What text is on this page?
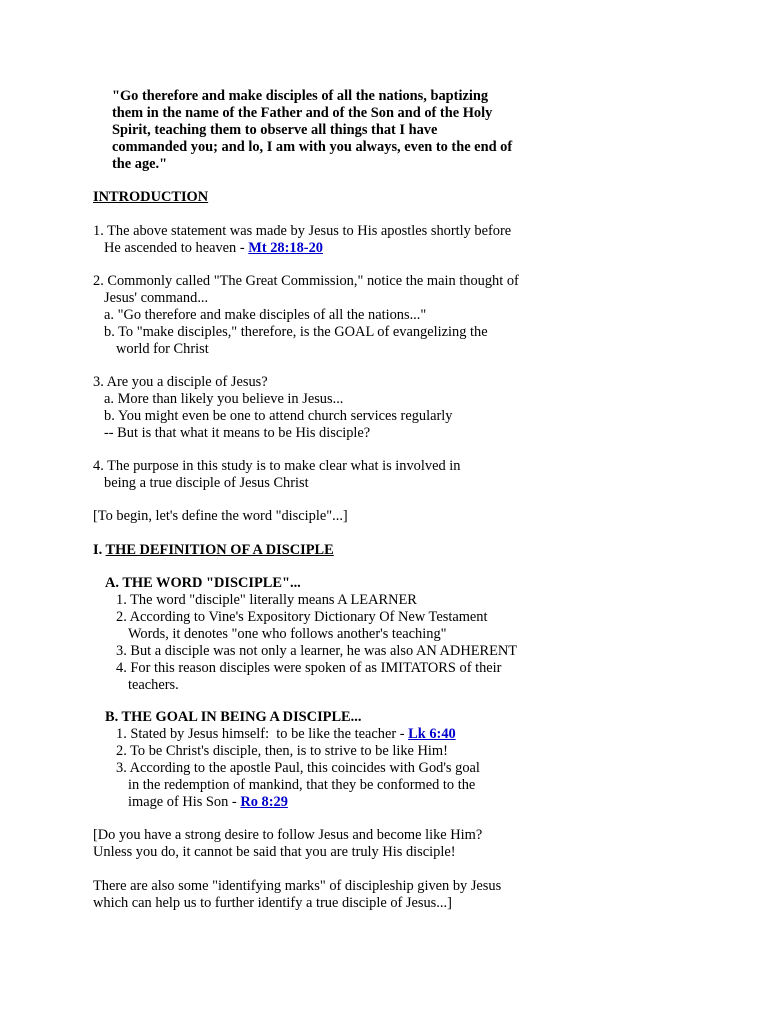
"Go therefore and make disciples of all the nations, baptizing
them in the name of the Father and of the Son and of the Holy
Spirit, teaching them to observe all things that I have
commanded you; and lo, I am with you always, even to the end of
the age."
INTRODUCTION
1. The above statement was made by Jesus to His apostles shortly before
He ascended to heaven - Mt 28:18-20
2. Commonly called "The Great Commission," notice the main thought of
Jesus' command...
a. "Go therefore and make disciples of all the nations..."
b. To "make disciples," therefore, is the GOAL of evangelizing the
world for Christ
3. Are you a disciple of Jesus?
a. More than likely you believe in Jesus...
b. You might even be one to attend church services regularly
-- But is that what it means to be His disciple?
4. The purpose in this study is to make clear what is involved in
being a true disciple of Jesus Christ
[To begin, let's define the word "disciple"...]
I. THE DEFINITION OF A DISCIPLE
A. THE WORD "DISCIPLE"...
1. The word "disciple" literally means A LEARNER
2. According to Vine's Expository Dictionary Of New Testament
Words, it denotes "one who follows another's teaching"
3. But a disciple was not only a learner, he was also AN ADHERENT
4. For this reason disciples were spoken of as IMITATORS of their
teachers.
B. THE GOAL IN BEING A DISCIPLE...
1. Stated by Jesus himself:  to be like the teacher - Lk 6:40
2. To be Christ's disciple, then, is to strive to be like Him!
3. According to the apostle Paul, this coincides with God's goal
in the redemption of mankind, that they be conformed to the
image of His Son - Ro 8:29
[Do you have a strong desire to follow Jesus and become like Him?
Unless you do, it cannot be said that you are truly His disciple!
There are also some "identifying marks" of discipleship given by Jesus
which can help us to further identify a true disciple of Jesus...]
